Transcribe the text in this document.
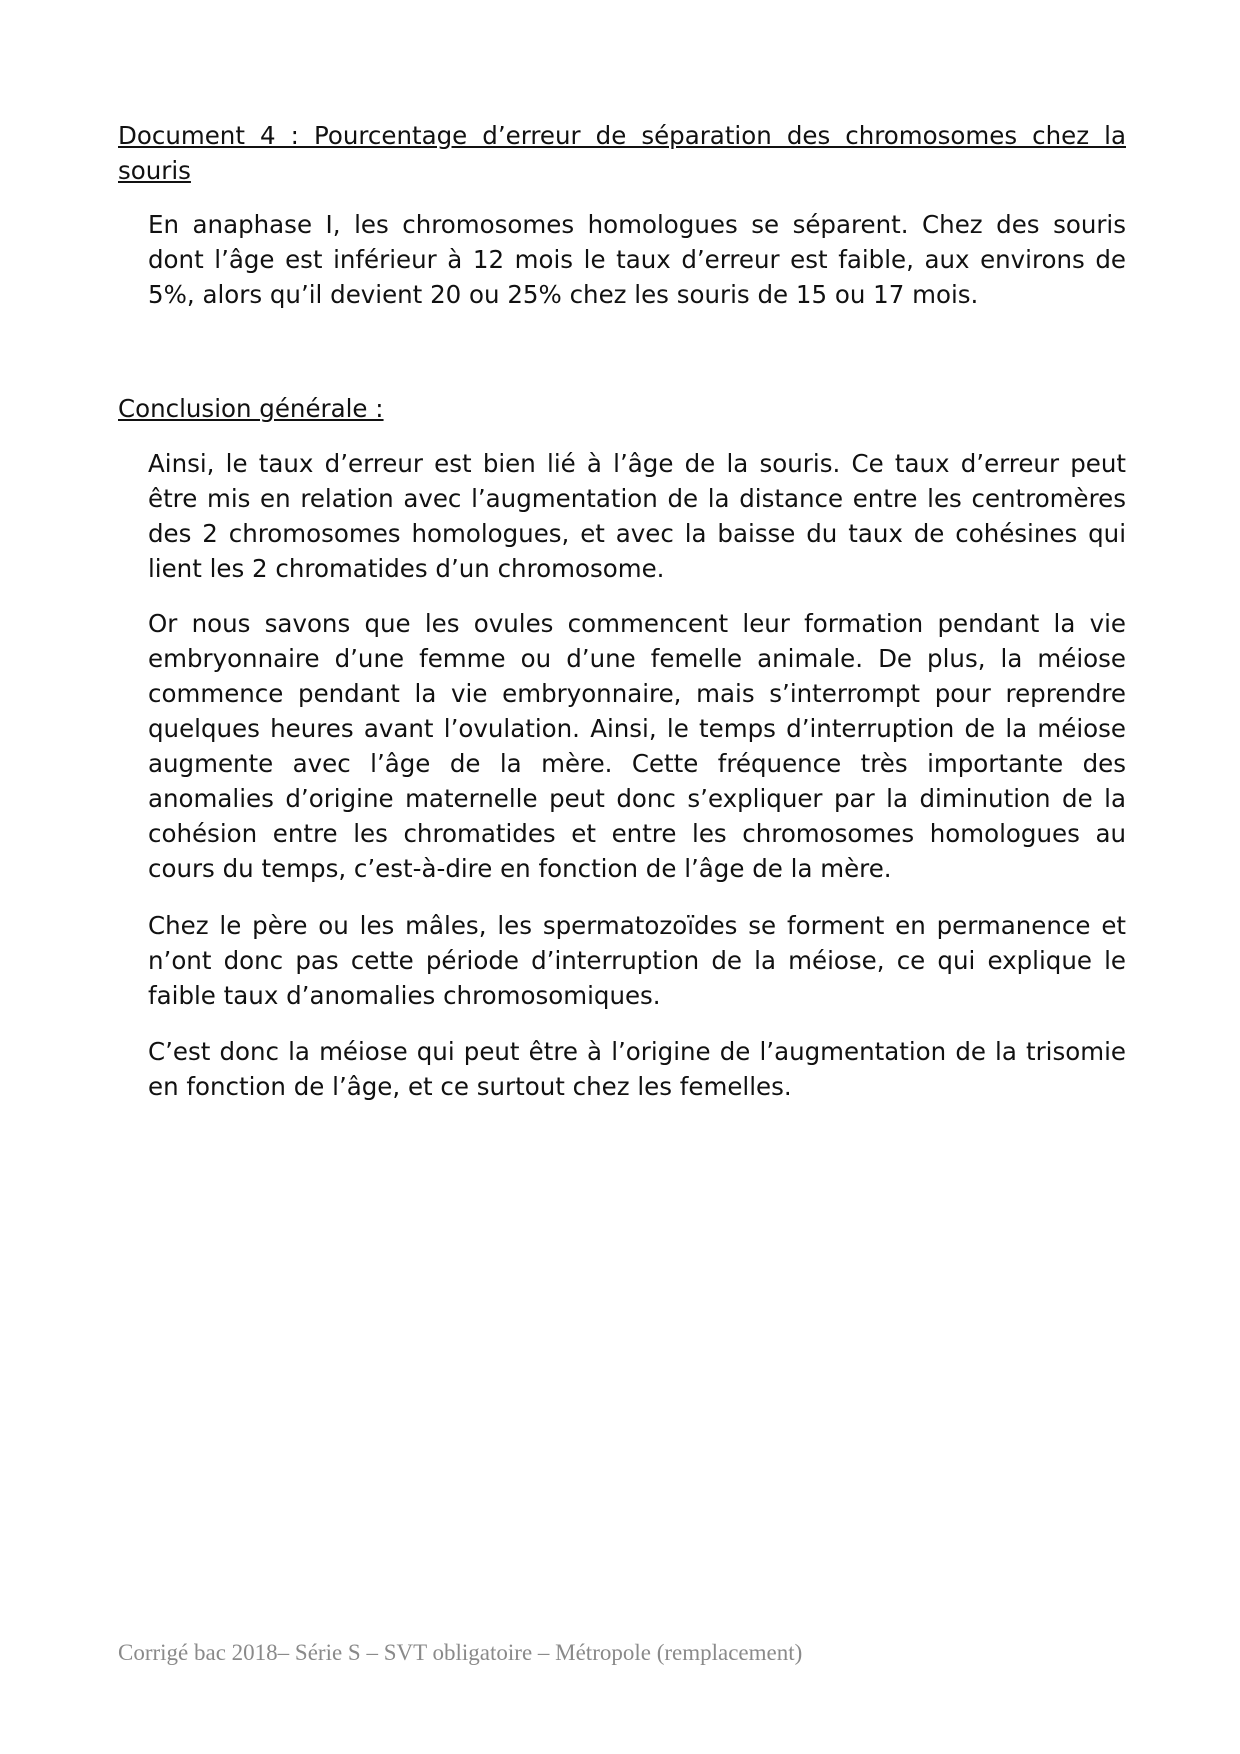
Document 4 : Pourcentage d’erreur de séparation des chromosomes chez la souris

En anaphase I, les chromosomes homologues se séparent. Chez des souris dont l’âge est inférieur à 12 mois le taux d’erreur est faible, aux environs de 5%, alors qu’il devient 20 ou 25% chez les souris de 15 ou 17 mois.

Conclusion générale :

Ainsi, le taux d’erreur est bien lié à l’âge de la souris. Ce taux d’erreur peut être mis en relation avec l’augmentation de la distance entre les centromères des 2 chromosomes homologues, et avec la baisse du taux de cohésines qui lient les 2 chromatides d’un chromosome.

Or nous savons que les ovules commencent leur formation pendant la vie embryonnaire d’une femme ou d’une femelle animale. De plus, la méiose commence pendant la vie embryonnaire, mais s’interrompt pour reprendre quelques heures avant l’ovulation. Ainsi, le temps d’interruption de la méiose augmente avec l’âge de la mère. Cette fréquence très importante des anomalies d’origine maternelle peut donc s’expliquer par la diminution de la cohésion entre les chromatides et entre les chromosomes homologues au cours du temps, c’est-à-dire en fonction de l’âge de la mère.

Chez le père ou les mâles, les spermatozoïdes se forment en permanence et n’ont donc pas cette période d’interruption de la méiose, ce qui explique le faible taux d’anomalies chromosomiques.

C’est donc la méiose qui peut être à l’origine de l’augmentation de la trisomie en fonction de l’âge, et ce surtout chez les femelles.

Corrigé bac 2018– Série S – SVT obligatoire – Métropole (remplacement)
